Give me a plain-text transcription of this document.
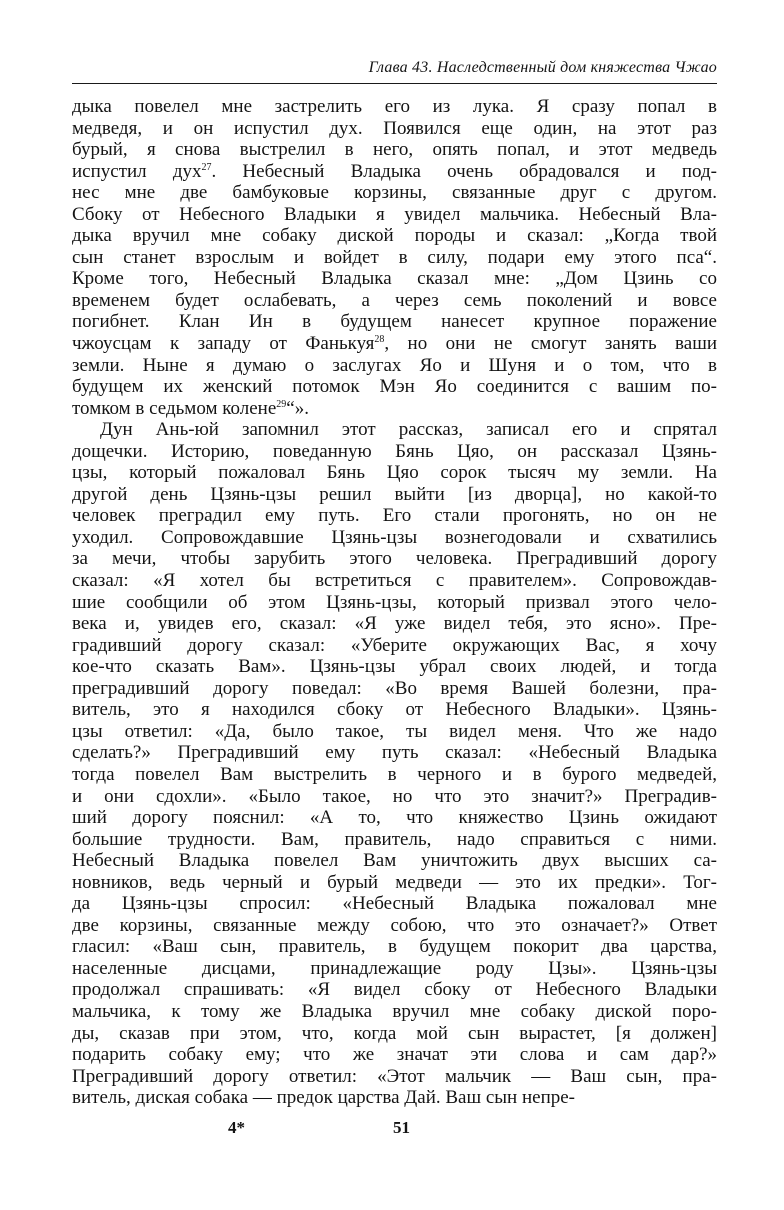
Глава 43. Наследственный дом княжества Чжао
дыка повелел мне застрелить его из лука. Я сразу попал в
медведя, и он испустил дух. Появился еще один, на этот раз
бурый, я снова выстрелил в него, опять попал, и этот медведь
испустил дух$^{27}$. Небесный Владыка очень обрадовался и под-
нес мне две бамбуковые корзины, связанные друг с другом.
Сбоку от Небесного Владыки я увидел мальчика. Небесный Вла-
дыка вручил мне собаку диской породы и сказал: „Когда твой
сын станет взрослым и войдет в силу, подари ему этого пса“.
Кроме того, Небесный Владыка сказал мне: „Дом Цзинь со
временем будет ослабевать, а через семь поколений и вовсе
погибнет. Клан Ин в будущем нанесет крупное поражение
чжоусцам к западу от Фанькуя$^{28}$, но они не смогут занять ваши
земли. Ныне я думаю о заслугах Яо и Шуня и о том, что в
будущем их женский потомок Мэн Яо соединится с вашим по-
томком в седьмом колене$^{29}$“».
Дун Ань-юй запомнил этот рассказ, записал его и спрятал
дощечки. Историю, поведанную Бянь Цяо, он рассказал Цзянь-
цзы, который пожаловал Бянь Цяо сорок тысяч му земли. На
другой день Цзянь-цзы решил выйти [из дворца], но какой-то
человек преградил ему путь. Его стали прогонять, но он не
уходил. Сопровождавшие Цзянь-цзы вознегодовали и схватились
за мечи, чтобы зарубить этого человека. Преградивший дорогу
сказал: «Я хотел бы встретиться с правителем». Сопровождав-
шие сообщили об этом Цзянь-цзы, который призвал этого чело-
века и, увидев его, сказал: «Я уже видел тебя, это ясно». Пре-
градивший дорогу сказал: «Уберите окружающих Вас, я хочу
кое-что сказать Вам». Цзянь-цзы убрал своих людей, и тогда
преградивший дорогу поведал: «Во время Вашей болезни, пра-
витель, это я находился сбоку от Небесного Владыки». Цзянь-
цзы ответил: «Да, было такое, ты видел меня. Что же надо
сделать?» Преградивший ему путь сказал: «Небесный Владыка
тогда повелел Вам выстрелить в черного и в бурого медведей,
и они сдохли». «Было такое, но что это значит?» Преградив-
ший дорогу пояснил: «А то, что княжество Цзинь ожидают
большие трудности. Вам, правитель, надо справиться с ними.
Небесный Владыка повелел Вам уничтожить двух высших са-
новников, ведь черный и бурый медведи — это их предки». Тог-
да Цзянь-цзы спросил: «Небесный Владыка пожаловал мне
две корзины, связанные между собою, что это означает?» Ответ
гласил: «Ваш сын, правитель, в будущем покорит два царства,
населенные дисцами, принадлежащие роду Цзы». Цзянь-цзы
продолжал спрашивать: «Я видел сбоку от Небесного Владыки
мальчика, к тому же Владыка вручил мне собаку диской поро-
ды, сказав при этом, что, когда мой сын вырастет, [я должен]
подарить собаку ему; что же значат эти слова и сам дар?»
Преградивший дорогу ответил: «Этот мальчик — Ваш сын, пра-
витель, диская собака — предок царства Дай. Ваш сын непре-
4*	51
